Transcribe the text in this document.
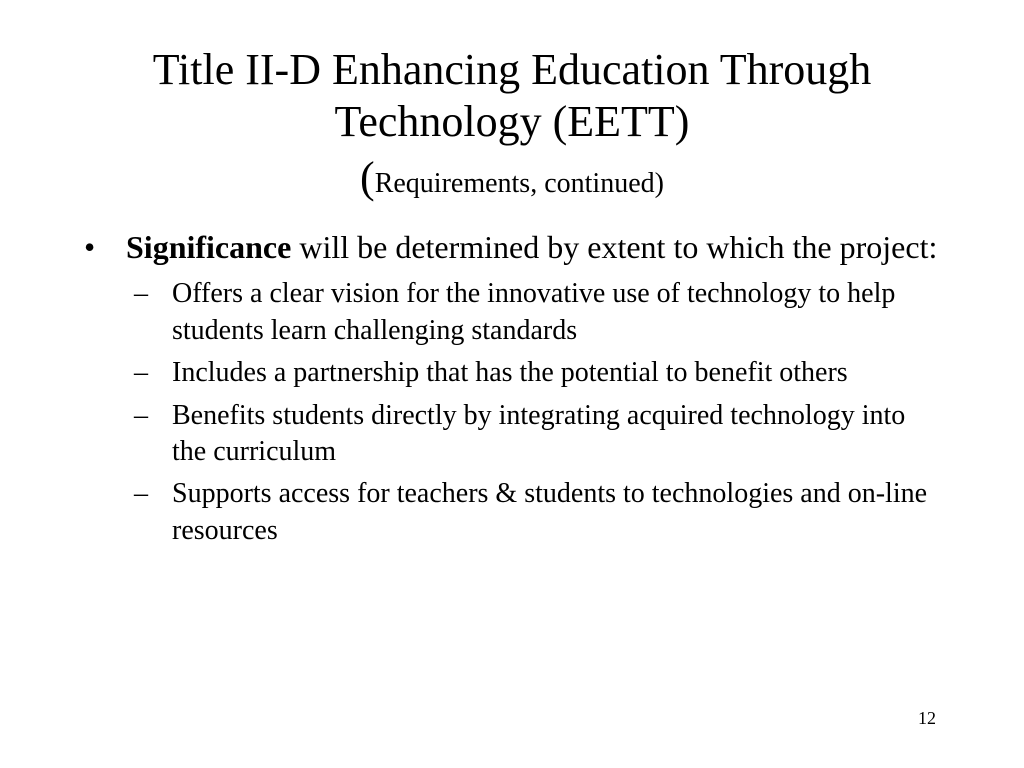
Title II-D Enhancing Education Through
Technology (EETT)

(Requirements, continued)

• Significance will be determined by extent to which the project:

– Offers a clear vision for the innovative use of technology to help students learn challenging standards
– Includes a partnership that has the potential to benefit others
– Benefits students directly by integrating acquired technology into the curriculum
– Supports access for teachers & students to technologies and on-line resources
12
